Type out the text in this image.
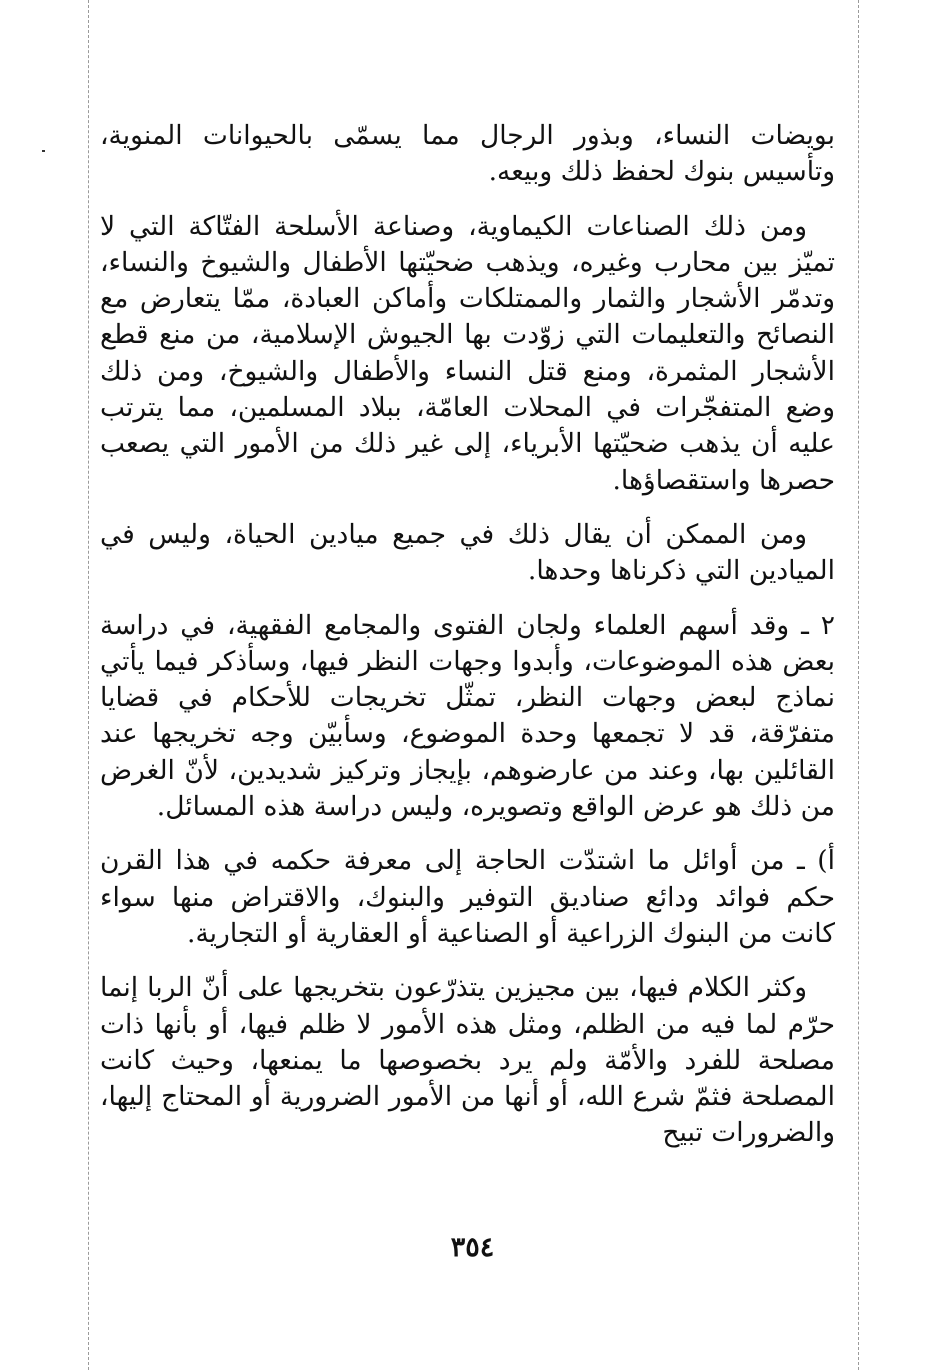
بويضات النساء، وبذور الرجال مما يسمّى بالحيوانات المنوية، وتأسيس بنوك لحفظ ذلك وبيعه.

ومن ذلك الصناعات الكيماوية، وصناعة الأسلحة الفتّاكة التي لا تميّز بين محارب وغيره، ويذهب ضحيّتها الأطفال والشيوخ والنساء، وتدمّر الأشجار والثمار والممتلكات وأماكن العبادة، ممّا يتعارض مع النصائح والتعليمات التي زوّدت بها الجيوش الإسلامية، من منع قطع الأشجار المثمرة، ومنع قتل النساء والأطفال والشيوخ، ومن ذلك وضع المتفجّرات في المحلات العامّة، ببلاد المسلمين، مما يترتب عليه أن يذهب ضحيّتها الأبرياء، إلى غير ذلك من الأمور التي يصعب حصرها واستقصاؤها.

ومن الممكن أن يقال ذلك في جميع ميادين الحياة، وليس في الميادين التي ذكرناها وحدها.

٢ ـ وقد أسهم العلماء ولجان الفتوى والمجامع الفقهية، في دراسة بعض هذه الموضوعات، وأبدوا وجهات النظر فيها، وسأذكر فيما يأتي نماذج لبعض وجهات النظر، تمثّل تخريجات للأحكام في قضايا متفرّقة، قد لا تجمعها وحدة الموضوع، وسأبيّن وجه تخريجها عند القائلين بها، وعند من عارضوهم، بإيجاز وتركيز شديدين، لأنّ الغرض من ذلك هو عرض الواقع وتصويره، وليس دراسة هذه المسائل.

أ) ـ من أوائل ما اشتدّت الحاجة إلى معرفة حكمه في هذا القرن حكم فوائد ودائع صناديق التوفير والبنوك، والاقتراض منها سواء كانت من البنوك الزراعية أو الصناعية أو العقارية أو التجارية.

وكثر الكلام فيها، بين مجيزين يتذرّعون بتخريجها على أنّ الربا إنما حرّم لما فيه من الظلم، ومثل هذه الأمور لا ظلم فيها، أو بأنها ذات مصلحة للفرد والأمّة ولم يرد بخصوصها ما يمنعها، وحيث كانت المصلحة فثمّ شرع الله، أو أنها من الأمور الضرورية أو المحتاج إليها، والضرورات تبيح

٣٥٤
